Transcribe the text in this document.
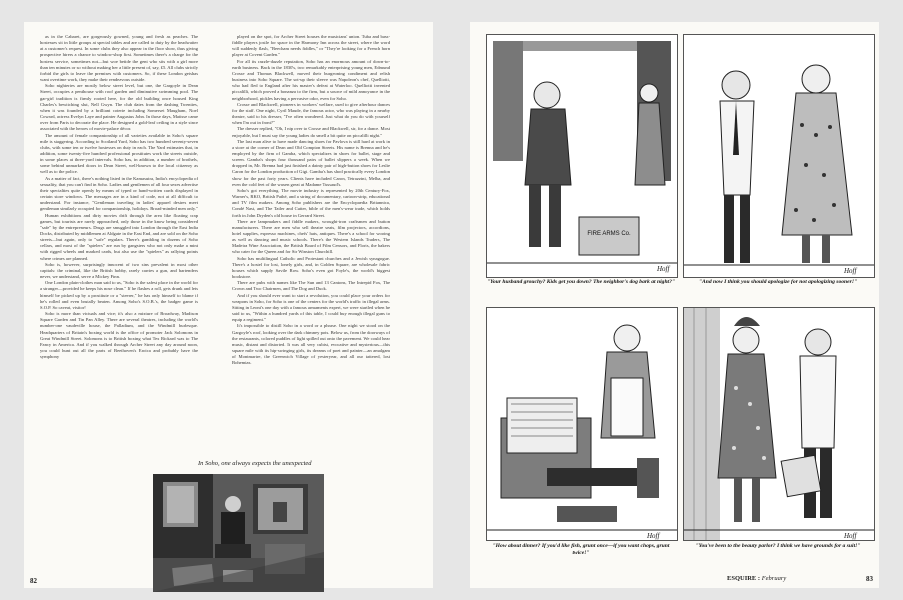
as in the Cabaret, are gorgeously gowned, young and fresh as peaches. The hostesses sit in little groups at special tables and are called to duty by the headwaiter at a customer's request. In some clubs they also appear in the floor show, thus giving prospective hirers a chance to window-shop first. Sometimes there's a charge for the hostess service, sometimes not—but woe betide the gent who sits with a girl more than ten minutes or so without making her a little present of, say, £5. All clubs strictly forbid the girls to leave the premises with customers. So, if these London geishas want overtime work, they make their rendezvous outside.

Soho nighteries are mostly below street level, but one, the Gargoyle in Dean Street, occupies a penthouse with roof garden and diminutive swimming pool. The gar-girl tradition is firmly rooted here, for the old building once housed King Charles's bewitching slut, Nell Gwyn. The club dates from the dashing Twenties, when it was founded by a brilliant coterie including Somerset Maugham, Noel Coward, actress Evelyn Laye and painter Augustus John. In those days, Matisse came over from Paris to decorate the place. He designed a gold-leaf ceiling in a style since associated with the heroes of movie-palace décor.

The amount of female companionship of all varieties available in Soho's square mile is staggering. According to Scotland Yard, Soho has two hundred seventy-seven clubs, with some ten or twelve hostesses on duty in each. The Yard estimates that, in addition, some twenty-five hundred professional prostitutes work the streets outside, in some places at three-yard intervals. Soho has, in addition, a number of brothels, some behind unmarked doors in Dean Street, well-known to the local citizenry as well as to the police.

As a matter of fact, there's nothing listed in the Kamasutra, India's encyclopedia of sexuality, that you can't find in Soho. Ladies and gentlemen of all four sexes advertise their specialties quite openly by means of typed or hand-written cards displayed in certain store windows. The messages are in a kind of code, not at all difficult to understand. For instance, "Gentleman traveling in ladies' apparel desires meet gentleman similarly occupied for companionship, holidays. Broad-minded men only."

Human exhibitions and dirty movies drift through the area like floating crap games, but tourists are rarely approached, only those in the know being considered "safe" by the entrepreneurs. Drugs are smuggled into London through the East India Docks, distributed by middlemen at Aldgate in the East End, and are sold on the Soho streets—but again, only to "safe" regulars. There's gambling in dozens of Soho cellars, and most of the "spielers" are run by gangsters who not only make a mint with rigged wheels and marked cards, but also use the "spielers" as rallying points where crimes are planned.

Soho is, however, surprisingly innocent of two sins prevalent in most other capitals: the criminal, like the British hobby, rarely carries a gun, and bartenders never, we understand, serve a Mickey Finn.

One London plain-clothes man said to us, "Soho is the safest place in the world for a stranger—provided he keeps his nose clean." If he flashes a roll, gets drunk and lets himself be picked up by a prostitute or a "steerer," he has only himself to blame if he's rolled and even brutally beaten. Among Soho's S.O.B.'s, the badger game is S.O.P. So caveat, visitor!

Soho is more than victuals and vice; it's also a mixture of Broadway, Madison Square Garden and Tin Pan Alley. There are several theatres, including the world's number-one vaudeville house, the Palladium, and the Windmill burlesque. Headquarters of Britain's boxing world is the office of promoter Jack Solomons in Great Windmill Street. Solomons is to British boxing what Tex Rickard was to The Fancy in America. And if you walked through Archer Street any day around noon, you could hunt out all the parts of Beethoven's Eroica and probably have the symphony

played on the spot, for Archer Street houses the musicians' union. Tuba and bass-fiddle players jostle for space in the Harmony Inn across the street, where the word will suddenly flash, "Beecham needs fiddles," or "They're looking for a French horn player at Covent Garden."

For all its razzle-dazzle reputation, Soho has an enormous amount of down-to-earth business. Back in the 1830's, two remarkably enterprising young men, Edmund Crosse and Thomas Blackwell, moved their burgeoning condiment and relish business into Soho Square. The sot-up their sleeve was Napoleon's chef, Quelliotti, who had fled to England after his master's defeat at Waterloo. Quelliotti invented piccalilli, which proved a bonanza to the firm, but a source of mild annoyance in the neighborhood, pickles having a pervasive odor, even for Soho.

Crosse and Blackwell, pioneers in workers' welfare, used to give afterhour dances for the staff. One night, Cyril Maude, the famous actor, who was playing in a nearby theatre, said to his dresser, "I've often wondered. Just what do you do with yourself when I'm out in front?"

The dresser replied, "Oh, I nip over to Crosse and Blackwell, sir, for a dance. Most enjoyable, but I must say the young ladies do smell a bit quite on piccalilli night."

The last man alive to have made dancing shoes for Pavlova is still hard at work in a store at the corner of Dean and Old Compton Streets. His name is Brenna and he's employed by the firm of Gamba, which specializes in shoes for ballet, stage and screen. Gamba's shops four thousand pairs of ballet slippers a week. When we dropped in, Mr. Brenna had just finished a dainty pair of high-button shoes for Leslie Caron for the London production of Gigi. Gamba's has shod practically every London show for the past forty years. Clients have included Caron, Tetrazzini, Melba, and even the cold feet of the waxen great at Madame Tussaud's.

Soho's got everything. The movie industry is represented by 20th Century-Fox, Warner's, RKO, British Pathé, and a string of documentary, cartoon-strip, educational and TV film makers. Among Soho publishers are the Encyclopaedia Britannica, Condé Nast, and The Tatler and Cutter, bible of the men's-wear trade, which holds forth in John Dryden's old house in Gerrard Street.

There are lampmakers and fiddle makers, wrought-iron craftsmen and button manufacturers. There are men who sell theatre seats, film projectors, accordions, hotel supplies, espresso machines, chefs' hats, antiques. There's a school for wooing as well as dancing and music schools. There's the Western Islands Traders, The Madeira Wine Association, the British Board of Film Censors, and Floris, the bakers who cater for the Queen and for Sir Winston Churchill.

Soho has multilingual Catholic and Protestant churches and a Jewish synagogue. There's a hostel for lost, lonely girls, and, in Golden Square, are wholesale fabric houses which supply Savile Row. Soho's even got Foyle's, the world's biggest bookstore.

There are pubs with names like The Sun and 13 Cantons, The Intrepid Fox, The Crown and Two Chairmen, and The Dog and Duck.

And if you should ever want to start a revolution, you could place your orders for weapons in Soho, for Soho is one of the centers for the world's traffic in illegal arms. Sitting in Leoni's one day with a famous armaments expert, we were startled when he said to us, "Within a hundred yards of this table, I could buy enough illegal guns to equip a regiment."

It's impossible to distill Soho in a word or a phrase. One night we stood on the Gargoyle's roof, looking over the dark chimney pots. Below us, from the doorways of the restaurants, colored puddles of light spilled out onto the pavement. We could hear music, distant and distorted. It was all very cubist, evocative and mysterious—this square mile with its hip-swinging girls, its dreams of poet and painter—an amalgam of Montmartre, the Greenwich Village of yesteryear, and all our tattered, lost Bohemias.

In Soho, one always expects the unexpected
82
FIRE ARMS Co.
Hoff
"Your husband grouchy? Kids get you down? The neighbor's dog bark at night?"
Hoff
"And now I think you should apologize for not apologizing sooner!"
Hoff
"How about dinner? If you'd like fish, grunt once—if you want chops, grunt twice!"
Hoff
"You've been to the beauty parlor? I think we have grounds for a suit!"
ESQUIRE : February	83
